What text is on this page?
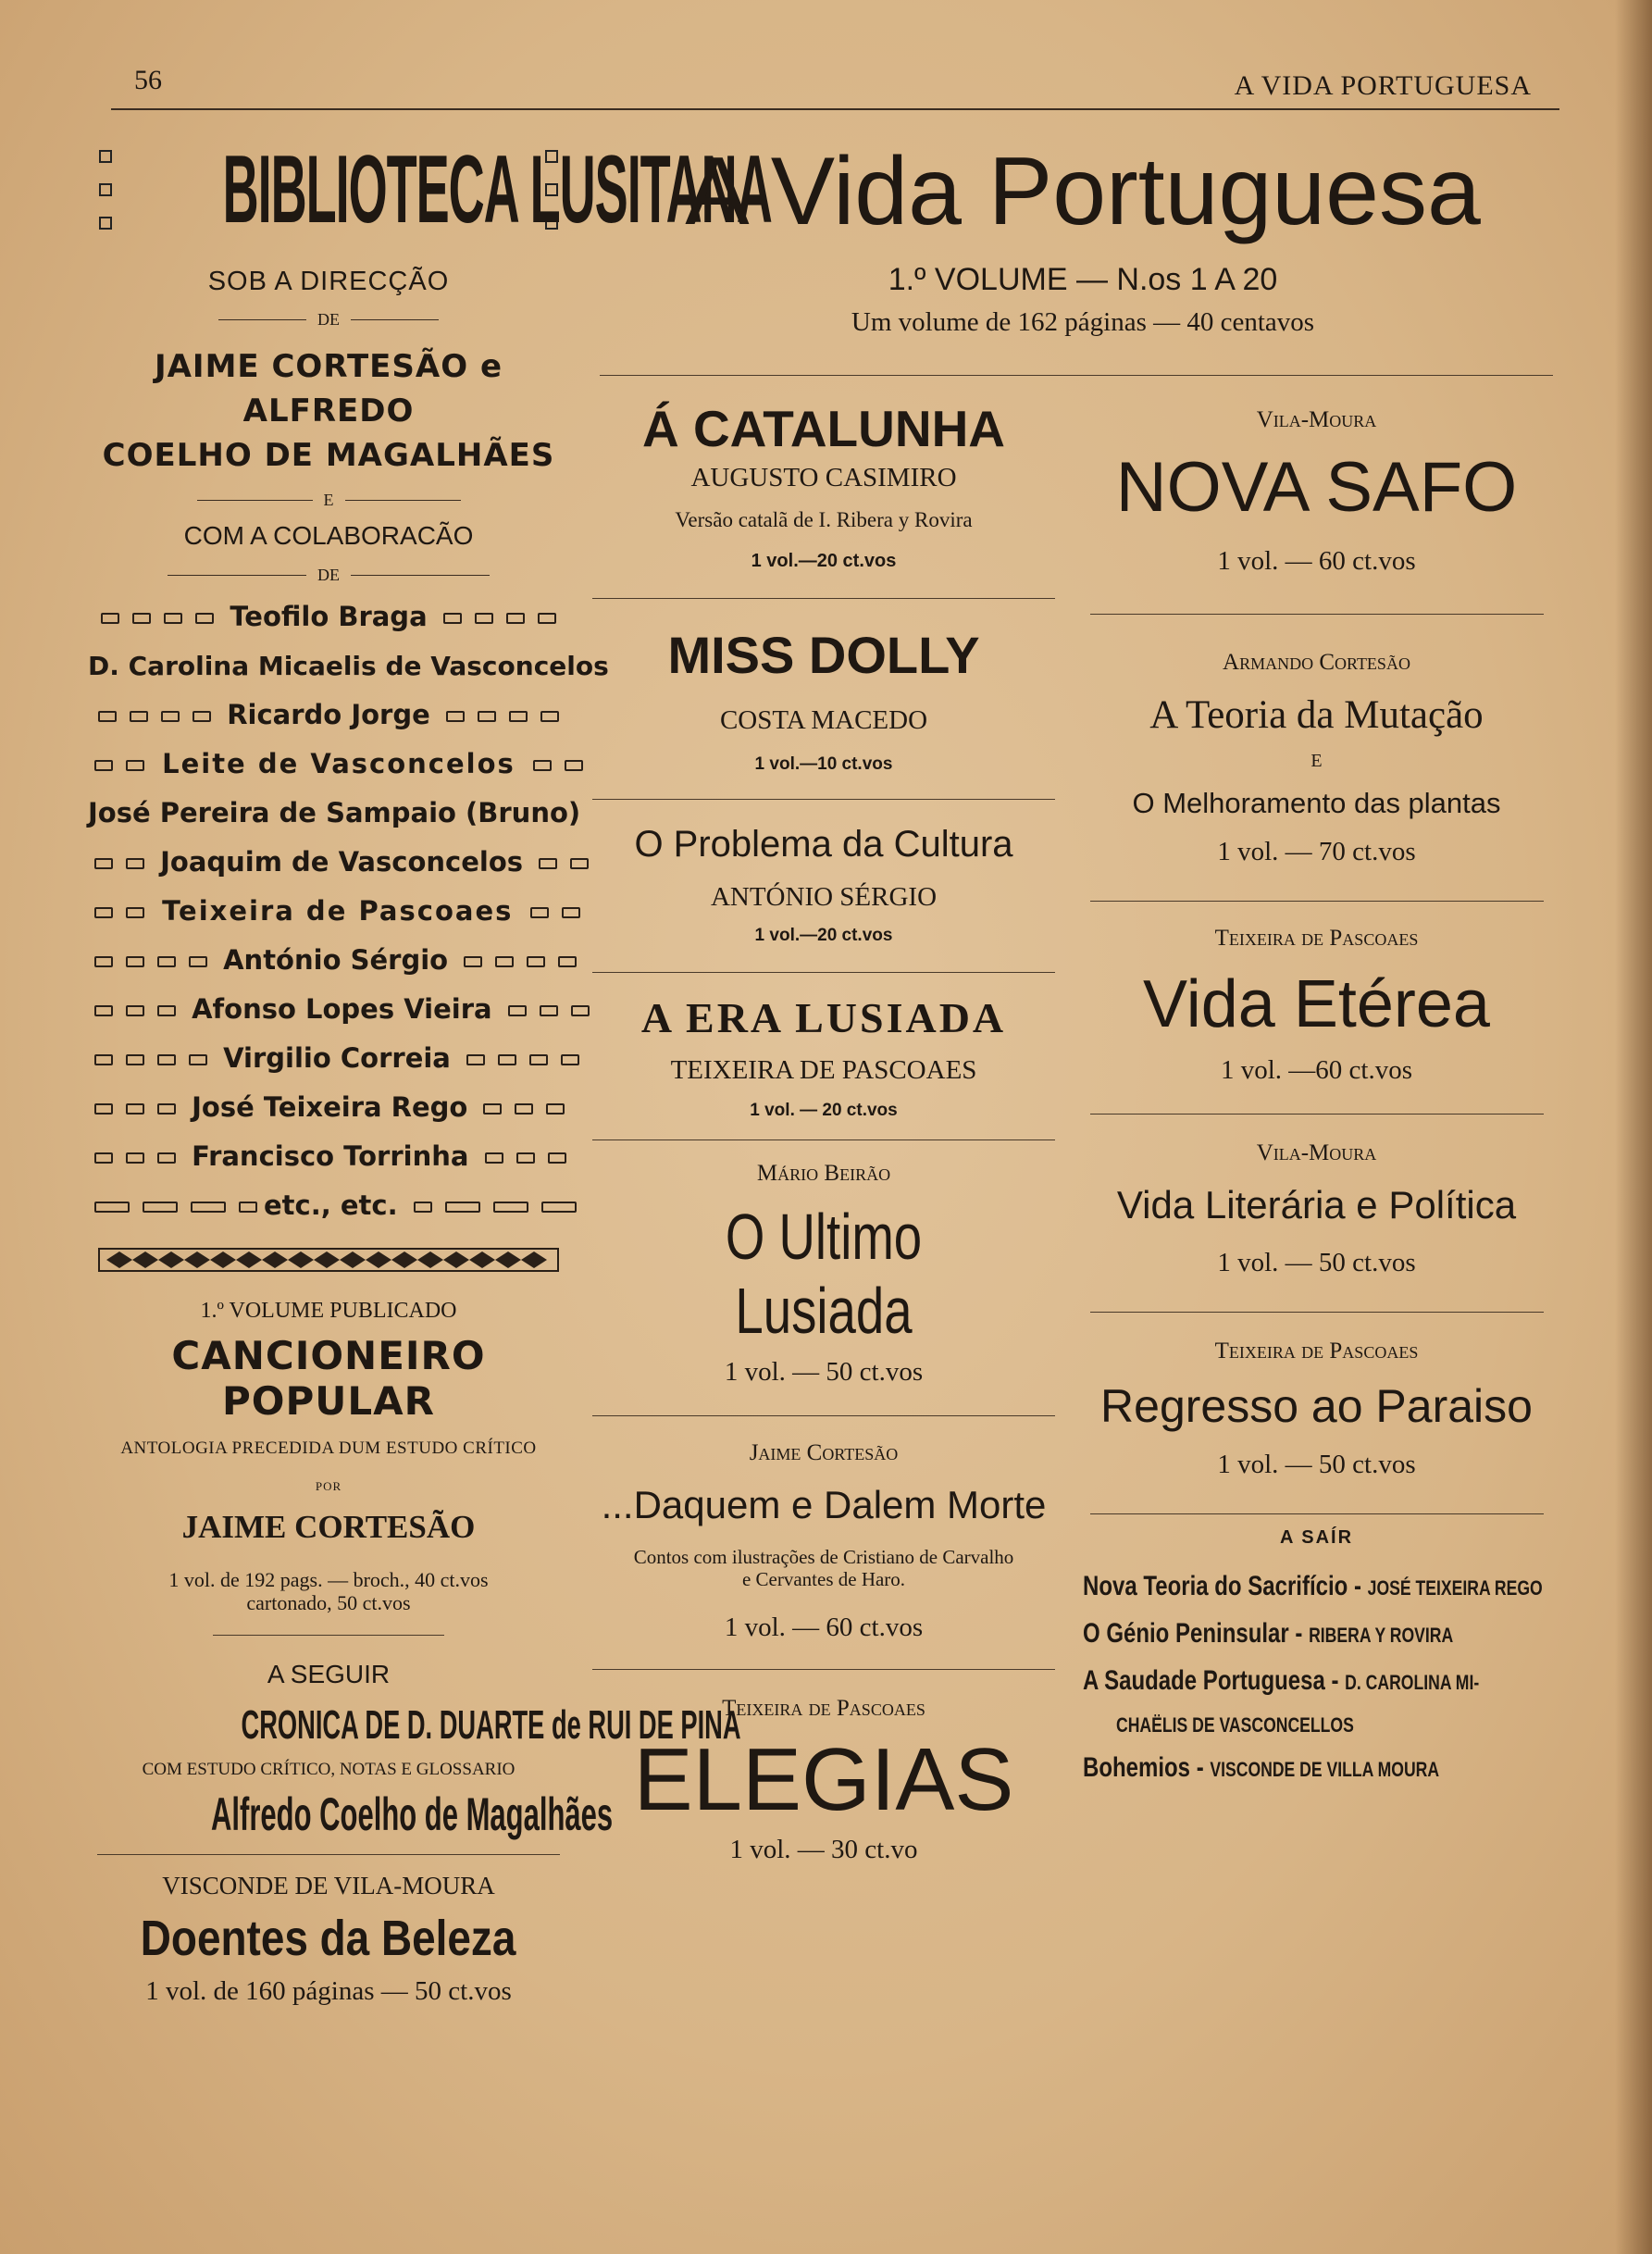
56	A VIDA PORTUGUESA
BIBLIOTECA LUSITANA
SOB A DIRECÇÃO
DE
JAIME CORTESÃO e ALFREDO
COELHO DE MAGALHÃES
E
COM A COLABORACÃO
DE
Teofilo Braga
D. Carolina Micaelis de Vasconcelos
Ricardo Jorge
Leite de Vasconcelos
José Pereira de Sampaio (Bruno)
Joaquim de Vasconcelos
Teixeira de Pascoaes
António Sérgio
Afonso Lopes Vieira
Virgilio Correia
José Teixeira Rego
Francisco Torrinha
etc., etc.
1.º VOLUME PUBLICADO
CANCIONEIRO POPULAR
ANTOLOGIA PRECEDIDA DUM ESTUDO CRÍTICO
POR
JAIME CORTESÃO
1 vol. de 192 pags. — broch., 40 ct.vos
cartonado, 50 ct.vos
A SEGUIR
CRONICA DE D. DUARTE de RUI DE PINA
COM ESTUDO CRÍTICO, NOTAS E GLOSSARIO
Alfredo Coelho de Magalhães
VISCONDE DE VILA-MOURA
Doentes da Beleza
1 vol. de 160 páginas — 50 ct.vos
A Vida Portuguesa
1.º VOLUME — N.os 1 A 20
Um volume de 162 páginas — 40 centavos
Á CATALUNHA
AUGUSTO CASIMIRO
Versão catalã de I. Ribera y Rovira
1 vol.—20 ct.vos
MISS DOLLY
COSTA MACEDO
1 vol.—10 ct.vos
O Problema da Cultura
ANTÓNIO SÉRGIO
1 vol.—20 ct.vos
A ERA LUSIADA
TEIXEIRA DE PASCOAES
1 vol. — 20 ct.vos
Mário Beirão
O Ultimo Lusiada
1 vol. — 50 ct.vos
Jaime Cortesão
...Daquem e Dalem Morte
Contos com ilustrações de Cristiano de Carvalho e Cervantes de Haro.
1 vol. — 60 ct.vos
Teixeira de Pascoaes
ELEGIAS
1 vol. — 30 ct.vo
Vila-Moura
NOVA SAFO
1 vol. — 60 ct.vos
Armando Cortesão
A Teoria da Mutação
E
O Melhoramento das plantas
1 vol. — 70 ct.vos
Teixeira de Pascoaes
Vida Etérea
1 vol. —60 ct.vos
Vila-Moura
Vida Literária e Política
1 vol. — 50 ct.vos
Teixeira de Pascoaes
Regresso ao Paraiso
1 vol. — 50 ct.vos
A SAÍR
Nova Teoria do Sacrifício - JOSÉ TEIXEIRA REGO
O Génio Peninsular - RIBERA Y ROVIRA
A Saudade Portuguesa - D. CAROLINA MI-
CHAËLIS DE VASCONCELLOS
Bohemios - VISCONDE DE VILLA MOURA
